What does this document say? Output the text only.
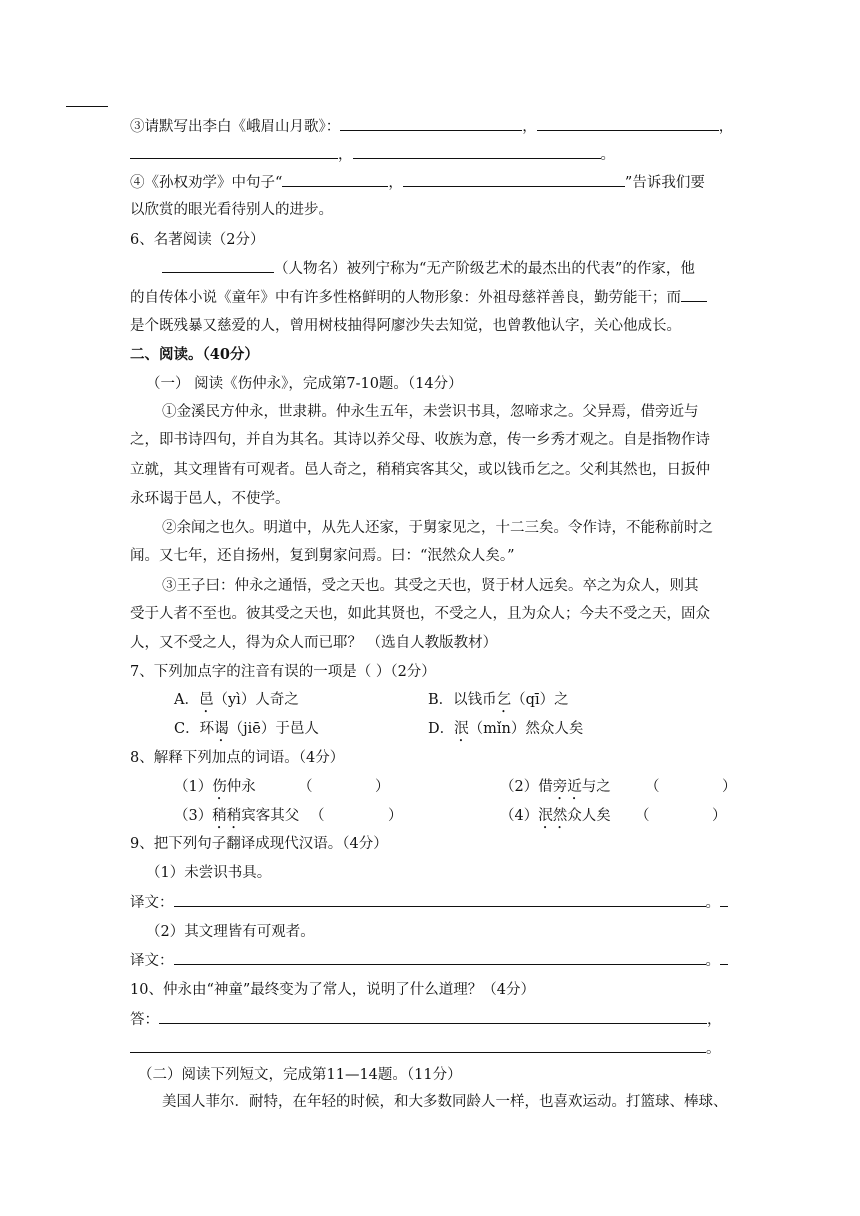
③请默写出李白《峨眉山月歌》：	，	，
，	。
④《孙权劝学》中句子“	，	”告诉我们要
以欣赏的眼光看待别人的进步。
6、名著阅读（2分）
（人物名）被列宁称为“无产阶级艺术的最杰出的代表”的作家，他
的自传体小说《童年》中有许多性格鲜明的人物形象：外祖母慈祥善良，勤劳能干；而
是个既残暴又慈爱的人，曾用树枝抽得阿廖沙失去知觉，也曾教他认字，关心他成长。
二、阅读。（40分）
（一） 阅读《伤仲永》，完成第7-10题。（14分）
①金溪民方仲永，世隶耕。仲永生五年，未尝识书具，忽啼求之。父异焉，借旁近与
之，即书诗四句，并自为其名。其诗以养父母、收族为意，传一乡秀才观之。自是指物作诗
立就，其文理皆有可观者。邑人奇之，稍稍宾客其父，或以钱币乞之。父利其然也，日扳仲
永环谒于邑人，不使学。
②余闻之也久。明道中，从先人还家，于舅家见之，十二三矣。令作诗，不能称前时之
闻。又七年，还自扬州，复到舅家问焉。曰：“泯然众人矣。”
③王子曰：仲永之通悟，受之天也。其受之天也，贤于材人远矣。卒之为众人，则其
受于人者不至也。彼其受之天也，如此其贤也，不受之人，且为众人；今夫不受之天，固众
人，又不受之人，得为众人而已耶？ （选自人教版教材）
7、下列加点字的注音有误的一项是（ ）（2分）
A．邑（yì）人奇之	B．以钱币乞（qī）之
C．环谒（jiē）于邑人	D．泯（mǐn）然众人矣
8、解释下列加点的词语。（4分）
（1）伤仲永	（	）	（2）借旁近与之 （	）
（3）稍稍宾客其父 （	）	（4）泯然众人矣 （	）
9、把下列句子翻译成现代汉语。（4分）
（1）未尝识书具。
译文：	。
（2）其文理皆有可观者。
译文：	。
10、仲永由“神童”最终变为了常人，说明了什么道理？（4分）
答：	，
。
（二）阅读下列短文，完成第11—14题。（11分）
美国人菲尔．耐特，在年轻的时候，和大多数同龄人一样，也喜欢运动。打篮球、棒球、
